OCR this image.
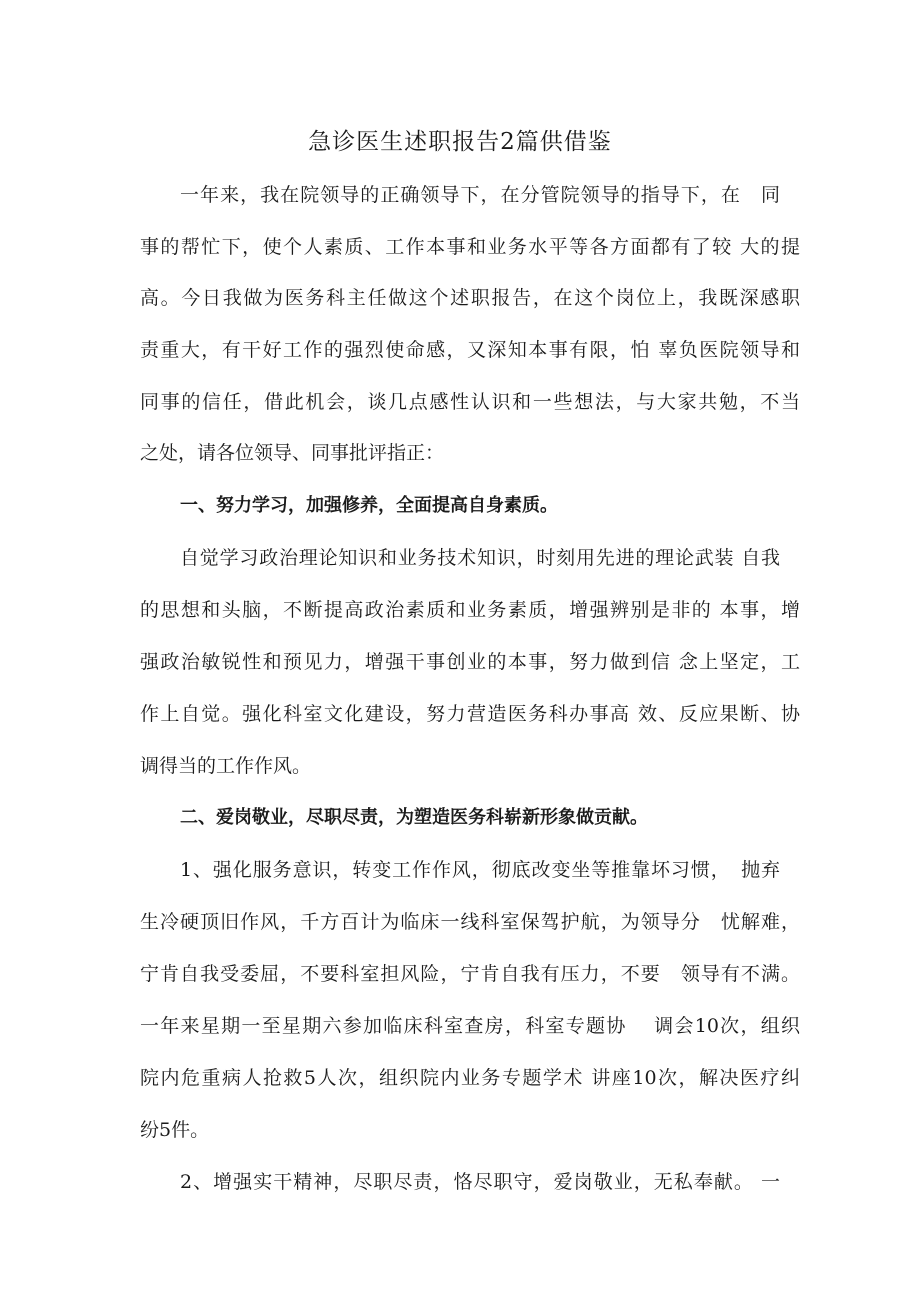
急诊医生述职报告2篇供借鉴
一年来，我在院领导的正确领导下，在分管院领导的指导下，在　同
事的帮忙下，使个人素质、工作本事和业务水平等各方面都有了较 大的提
高。今日我做为医务科主任做这个述职报告，在这个岗位上，我既深感职
责重大，有干好工作的强烈使命感，又深知本事有限，怕 辜负医院领导和
同事的信任，借此机会，谈几点感性认识和一些想法，与大家共勉，不当
之处，请各位领导、同事批评指正：
一、努力学习，加强修养，全面提高自身素质。
自觉学习政治理论知识和业务技术知识，时刻用先进的理论武装 自我
的思想和头脑，不断提高政治素质和业务素质，增强辨别是非的 本事，增
强政治敏锐性和预见力，增强干事创业的本事，努力做到信 念上坚定，工
作上自觉。强化科室文化建设，努力营造医务科办事高 效、反应果断、协
调得当的工作作风。
二、爱岗敬业，尽职尽责，为塑造医务科崭新形象做贡献。
1、强化服务意识，转变工作作风，彻底改变坐等推靠坏习惯，　抛弃
生冷硬顶旧作风，千方百计为临床一线科室保驾护航，为领导分　忧解难，
宁肯自我受委屈，不要科室担风险，宁肯自我有压力，不要　领导有不满。
一年来星期一至星期六参加临床科室查房，科室专题协　 调会10次，组织
院内危重病人抢救5人次，组织院内业务专题学术 讲座10次，解决医疗纠
纷5件。
2、增强实干精神，尽职尽责，恪尽职守，爱岗敬业，无私奉献。 一
